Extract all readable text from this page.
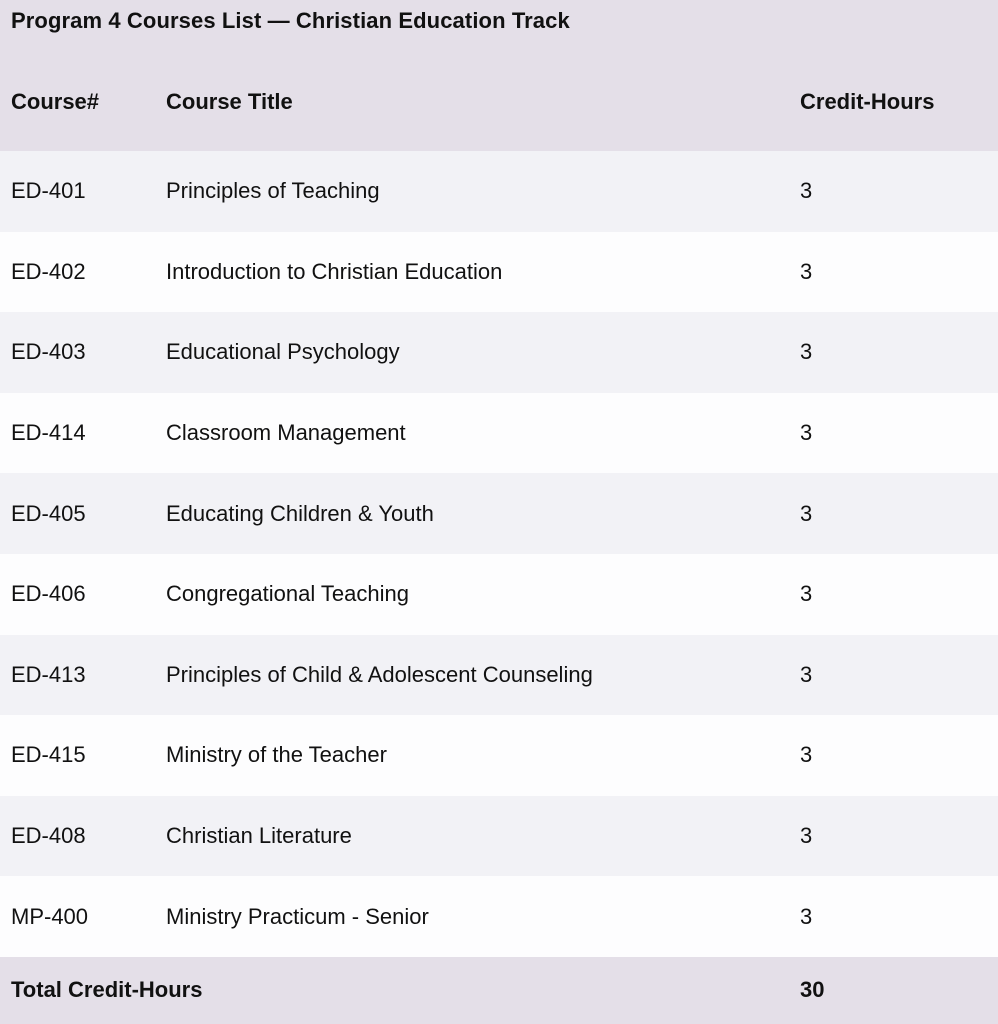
Program 4 Courses List — Christian Education Track
Course#	Course Title	Credit-Hours
ED-401	Principles of Teaching	3
ED-402	Introduction to Christian Education	3
ED-403	Educational Psychology	3
ED-414	Classroom Management	3
ED-405	Educating Children & Youth	3
ED-406	Congregational Teaching	3
ED-413	Principles of Child & Adolescent Counseling	3
ED-415	Ministry of the Teacher	3
ED-408	Christian Literature	3
MP-400	Ministry Practicum - Senior	3
Total Credit-Hours	30
